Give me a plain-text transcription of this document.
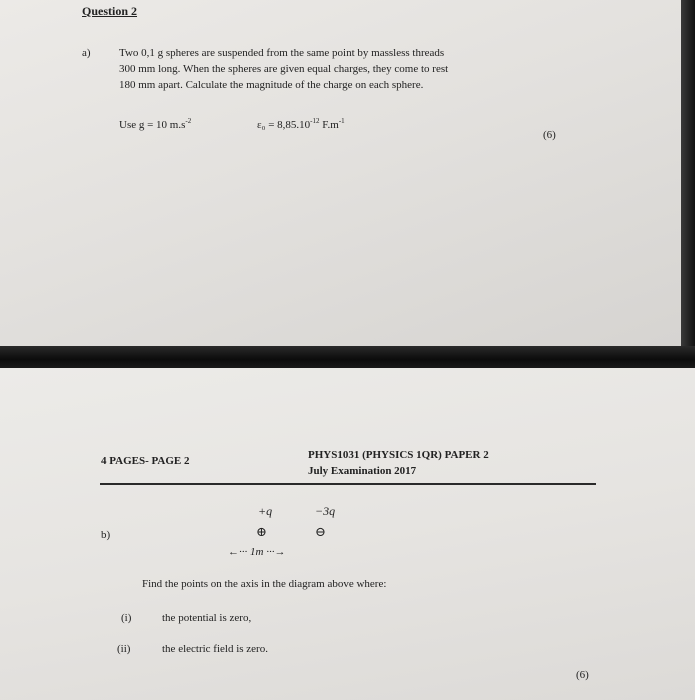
Question 2
a)	Two 0,1 g spheres are suspended from the same point by massless threads
300 mm long. When the spheres are given equal charges, they come to rest
180 mm apart. Calculate the magnitude of the charge on each sphere.
Use g = 10 $m.s^{-2}$	$\varepsilon_0 = 8,85.10^{-12}$ $F.m^{-1}$
(6)
4 PAGES- PAGE 2	PHYS1031 (PHYSICS 1QR) PAPER 2
July Examination 2017
+q	−3q
b)	⊕	⊖
←··· 1m ···→
Find the points on the axis in the diagram above where:
(i)	the potential is zero,
(ii)	the electric field is zero.
(6)
